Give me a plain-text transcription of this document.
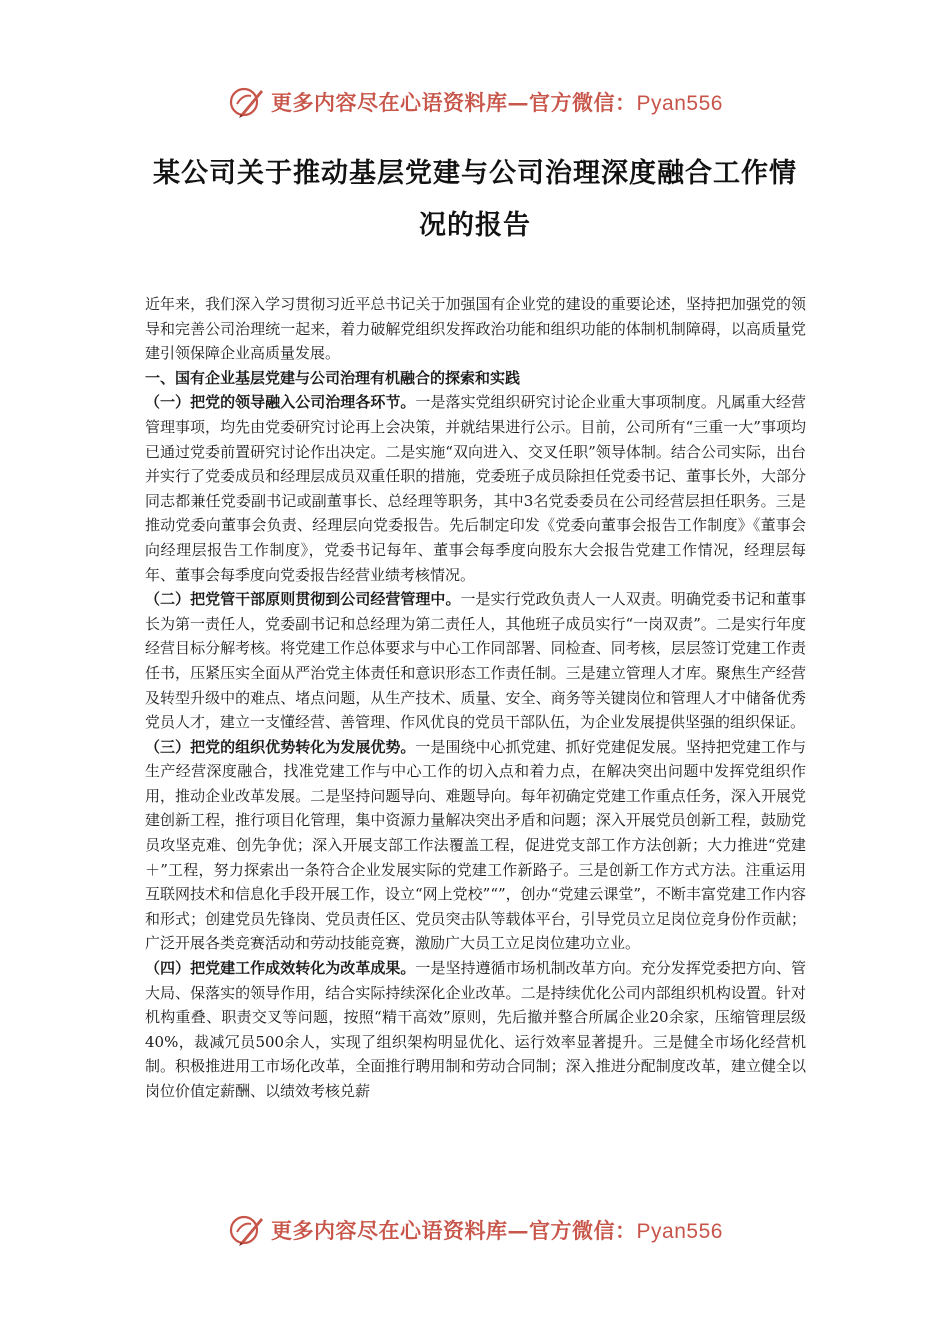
更多内容尽在心语资料库—官方微信：Pyan556
某公司关于推动基层党建与公司治理深度融合工作情况的报告

近年来，我们深入学习贯彻习近平总书记关于加强国有企业党的建设的重要论述，坚持把加强党的领导和完善公司治理统一起来，着力破解党组织发挥政治功能和组织功能的体制机制障碍，以高质量党建引领保障企业高质量发展。

一、国有企业基层党建与公司治理有机融合的探索和实践

（一）把党的领导融入公司治理各环节。一是落实党组织研究讨论企业重大事项制度。凡属重大经营管理事项，均先由党委研究讨论再上会决策，并就结果进行公示。目前，公司所有“三重一大”事项均已通过党委前置研究讨论作出决定。二是实施“双向进入、交叉任职”领导体制。结合公司实际，出台并实行了党委成员和经理层成员双重任职的措施，党委班子成员除担任党委书记、董事长外，大部分同志都兼任党委副书记或副董事长、总经理等职务，其中3名党委委员在公司经营层担任职务。三是推动党委向董事会负责、经理层向党委报告。先后制定印发《党委向董事会报告工作制度》《董事会向经理层报告工作制度》，党委书记每年、董事会每季度向股东大会报告党建工作情况，经理层每年、董事会每季度向党委报告经营业绩考核情况。

（二）把党管干部原则贯彻到公司经营管理中。一是实行党政负责人一人双责。明确党委书记和董事长为第一责任人，党委副书记和总经理为第二责任人，其他班子成员实行“一岗双责”。二是实行年度经营目标分解考核。将党建工作总体要求与中心工作同部署、同检查、同考核，层层签订党建工作责任书，压紧压实全面从严治党主体责任和意识形态工作责任制。三是建立管理人才库。聚焦生产经营及转型升级中的难点、堵点问题，从生产技术、质量、安全、商务等关键岗位和管理人才中储备优秀党员人才，建立一支懂经营、善管理、作风优良的党员干部队伍，为企业发展提供坚强的组织保证。

（三）把党的组织优势转化为发展优势。一是围绕中心抓党建、抓好党建促发展。坚持把党建工作与生产经营深度融合，找准党建工作与中心工作的切入点和着力点，在解决突出问题中发挥党组织作用，推动企业改革发展。二是坚持问题导向、难题导向。每年初确定党建工作重点任务，深入开展党建创新工程，推行项目化管理，集中资源力量解决突出矛盾和问题；深入开展党员创新工程，鼓励党员攻坚克难、创先争优；深入开展支部工作法覆盖工程，促进党支部工作方法创新；大力推进“党建＋”工程，努力探索出一条符合企业发展实际的党建工作新路子。三是创新工作方式方法。注重运用互联网技术和信息化手段开展工作，设立“网上党校”“”，创办“党建云课堂”，不断丰富党建工作内容和形式；创建党员先锋岗、党员责任区、党员突击队等载体平台，引导党员立足岗位竞身份作贡献；广泛开展各类竞赛活动和劳动技能竞赛，激励广大员工立足岗位建功立业。

（四）把党建工作成效转化为改革成果。一是坚持遵循市场机制改革方向。充分发挥党委把方向、管大局、保落实的领导作用，结合实际持续深化企业改革。二是持续优化公司内部组织机构设置。针对机构重叠、职责交叉等问题，按照“精干高效”原则，先后撤并整合所属企业20余家，压缩管理层级40%，裁减冗员500余人，实现了组织架构明显优化、运行效率显著提升。三是健全市场化经营机制。积极推进用工市场化改革，全面推行聘用制和劳动合同制；深入推进分配制度改革，建立健全以岗位价值定薪酬、以绩效考核兑薪

更多内容尽在心语资料库—官方微信：Pyan556
